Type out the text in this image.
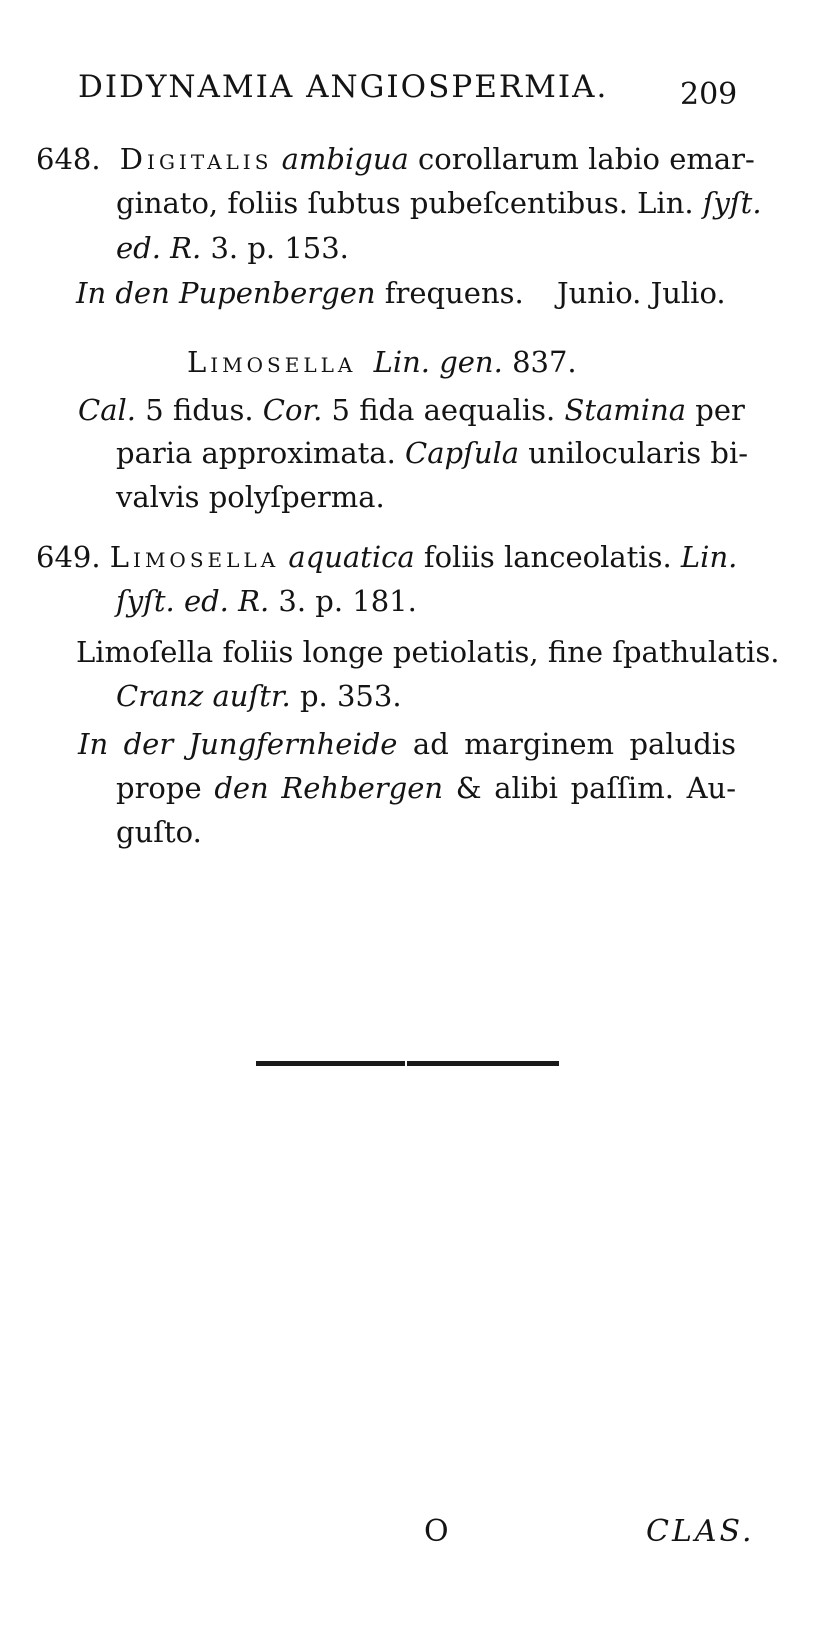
DIDYNAMIA ANGIOSPERMIA. 209
648. Digitalis ambigua corollarum labio emar-
ginato, foliis ſubtus pubeſcentibus. Lin. ſyſt.
ed. R. 3. p. 153.
In den Pupenbergen frequens. Junio. Julio.
Limosella Lin. gen. 837.
Cal. 5 fidus. Cor. 5 fida aequalis. Stamina per
paria approximata. Capſula unilocularis bi-
valvis polyſperma.
649. Limosella aquatica foliis lanceolatis. Lin.
ſyſt. ed. R. 3. p. 181.
Limoſella foliis longe petiolatis, fine ſpathulatis.
Cranz auſtr. p. 353.
In der Jungfernheide ad marginem paludis
prope den Rehbergen & alibi paſſim. Au-
guſto.
O	CLAS.
